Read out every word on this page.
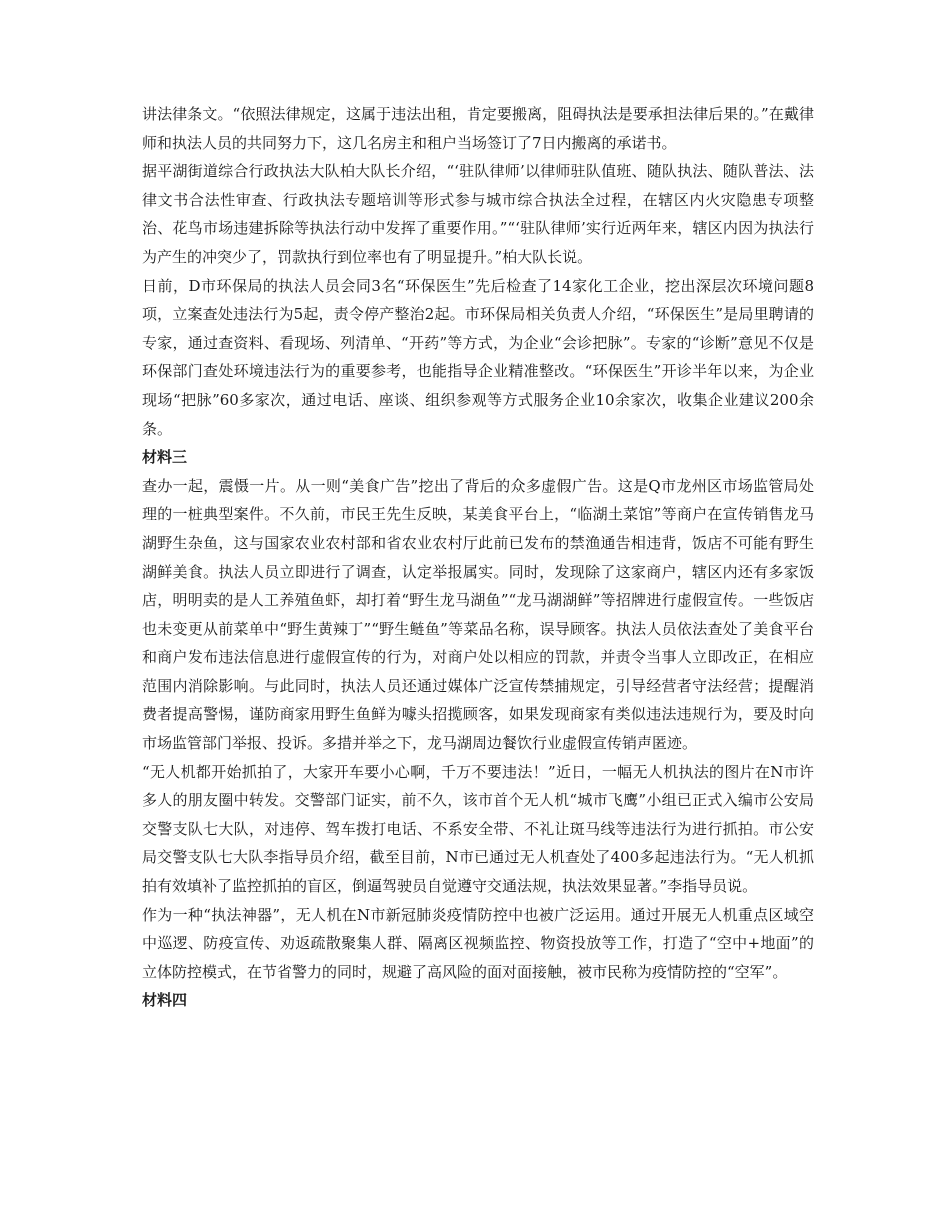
讲法律条文。“依照法律规定，这属于违法出租，肯定要搬离，阻碍执法是要承担法律后果的。”在戴律师和执法人员的共同努力下，这几名房主和租户当场签订了7日内搬离的承诺书。

据平湖街道综合行政执法大队柏大队长介绍，“‘驻队律师’以律师驻队值班、随队执法、随队普法、法律文书合法性审查、行政执法专题培训等形式参与城市综合执法全过程，在辖区内火灾隐患专项整治、花鸟市场违建拆除等执法行动中发挥了重要作用。”“‘驻队律师’实行近两年来，辖区内因为执法行为产生的冲突少了，罚款执行到位率也有了明显提升。”柏大队长说。

日前，D市环保局的执法人员会同3名“环保医生”先后检查了14家化工企业，挖出深层次环境问题8项，立案查处违法行为5起，责令停产整治2起。市环保局相关负责人介绍，“环保医生”是局里聘请的专家，通过查资料、看现场、列清单、“开药”等方式，为企业“会诊把脉”。专家的“诊断”意见不仅是环保部门查处环境违法行为的重要参考，也能指导企业精准整改。“环保医生”开诊半年以来，为企业现场“把脉”60多家次，通过电话、座谈、组织参观等方式服务企业10余家次，收集企业建议200余条。

材料三

查办一起，震慑一片。从一则“美食广告”挖出了背后的众多虚假广告。这是Q市龙州区市场监管局处理的一桩典型案件。不久前，市民王先生反映，某美食平台上，“临湖土菜馆”等商户在宣传销售龙马湖野生杂鱼，这与国家农业农村部和省农业农村厅此前已发布的禁渔通告相违背，饭店不可能有野生湖鲜美食。执法人员立即进行了调查，认定举报属实。同时，发现除了这家商户，辖区内还有多家饭店，明明卖的是人工养殖鱼虾，却打着“野生龙马湖鱼”“龙马湖湖鲜”等招牌进行虚假宣传。一些饭店也未变更从前菜单中“野生黄辣丁”“野生鲢鱼”等菜品名称，误导顾客。执法人员依法查处了美食平台和商户发布违法信息进行虚假宣传的行为，对商户处以相应的罚款，并责令当事人立即改正，在相应范围内消除影响。与此同时，执法人员还通过媒体广泛宣传禁捕规定，引导经营者守法经营；提醒消费者提高警惕，谨防商家用野生鱼鲜为噱头招揽顾客，如果发现商家有类似违法违规行为，要及时向市场监管部门举报、投诉。多措并举之下，龙马湖周边餐饮行业虚假宣传销声匿迹。

“无人机都开始抓拍了，大家开车要小心啊，千万不要违法！”近日，一幅无人机执法的图片在N市许多人的朋友圈中转发。交警部门证实，前不久，该市首个无人机“城市飞鹰”小组已正式入编市公安局交警支队七大队，对违停、驾车拨打电话、不系安全带、不礼让斑马线等违法行为进行抓拍。市公安局交警支队七大队李指导员介绍，截至目前，N市已通过无人机查处了400多起违法行为。“无人机抓拍有效填补了监控抓拍的盲区，倒逼驾驶员自觉遵守交通法规，执法效果显著。”李指导员说。

作为一种“执法神器”，无人机在N市新冠肺炎疫情防控中也被广泛运用。通过开展无人机重点区域空中巡逻、防疫宣传、劝返疏散聚集人群、隔离区视频监控、物资投放等工作，打造了“空中+地面”的立体防控模式，在节省警力的同时，规避了高风险的面对面接触，被市民称为疫情防控的“空军”。

材料四
